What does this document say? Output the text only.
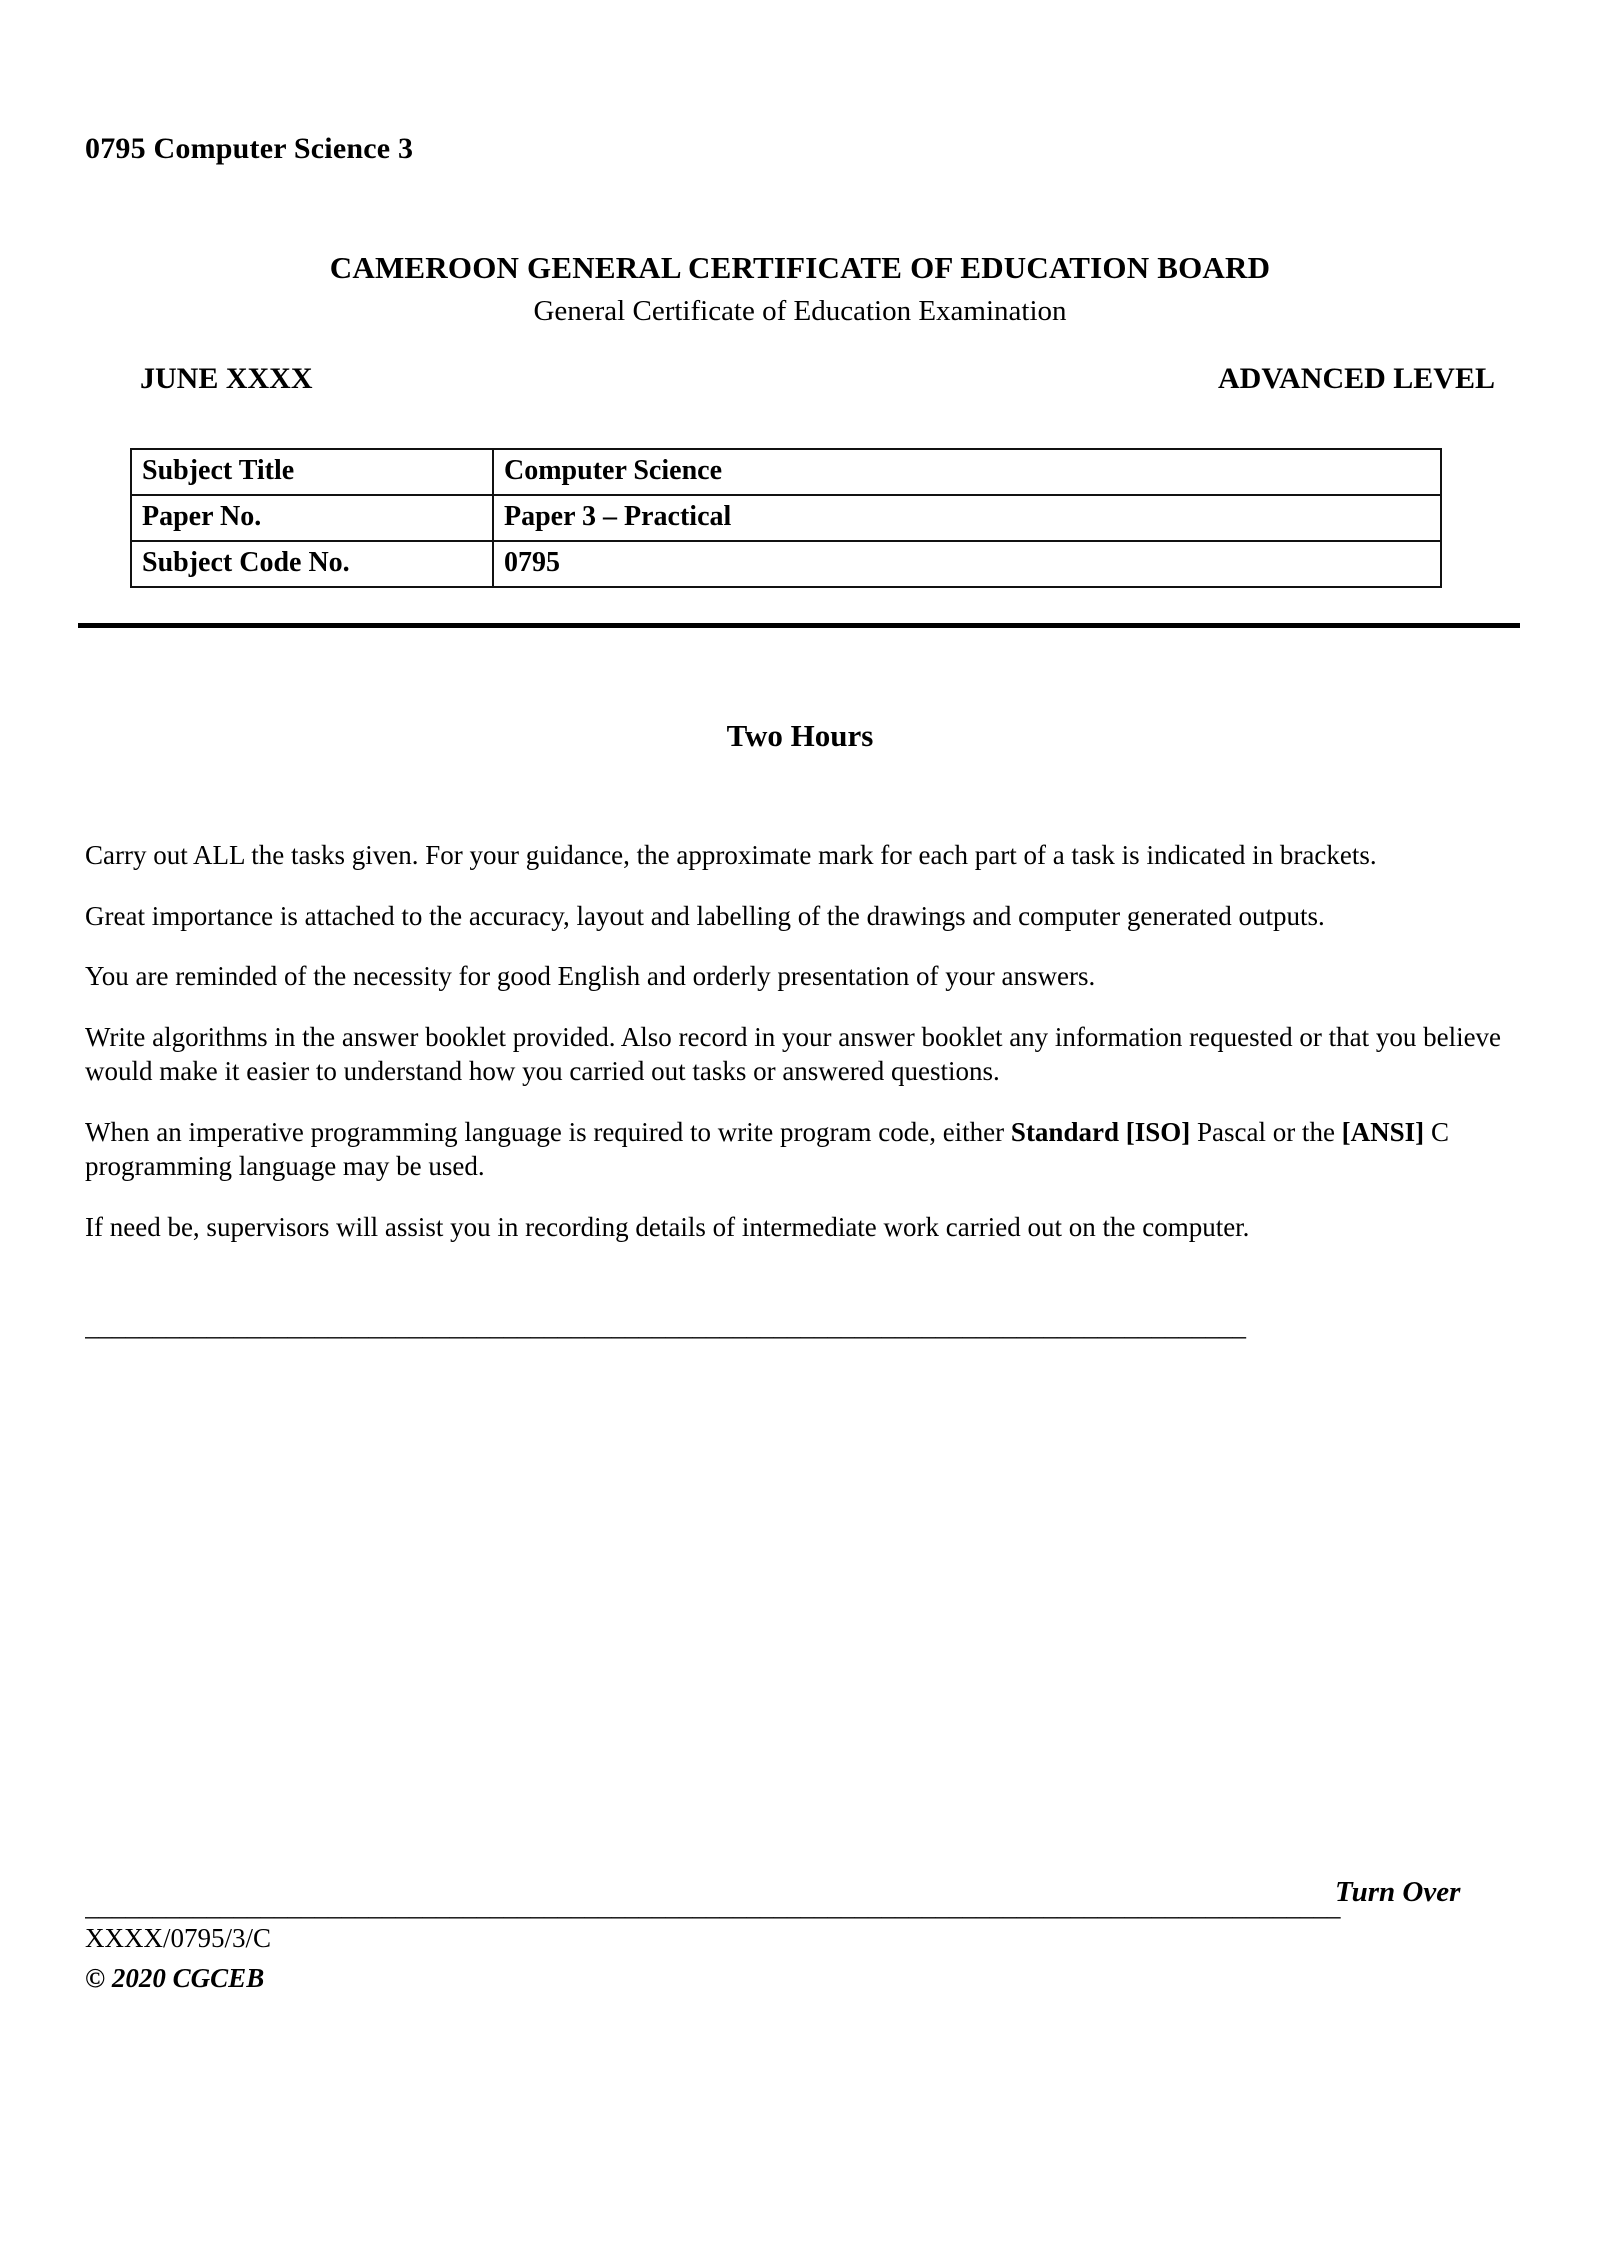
0795 Computer Science 3
CAMEROON GENERAL CERTIFICATE OF EDUCATION BOARD
General Certificate of Education Examination
JUNE XXXX	ADVANCED LEVEL
Subject Title	Computer Science
Paper No.	Paper 3 – Practical
Subject Code No.	0795
Two Hours

Carry out ALL the tasks given. For your guidance, the approximate mark for each part of a task is indicated in brackets.

Great importance is attached to the accuracy, layout and labelling of the drawings and computer generated outputs.

You are reminded of the necessity for good English and orderly presentation of your answers.

Write algorithms in the answer booklet provided. Also record in your answer booklet any information requested or that you believe would make it easier to understand how you carried out tasks or answered questions.

When an imperative programming language is required to write program code, either Standard [ISO] Pascal or the [ANSI] C programming language may be used.

If need be, supervisors will assist you in recording details of intermediate work carried out on the computer.

______________________________________________________________________________________
_____________________________________________________________________________________________
Turn Over
XXXX/0795/3/C
© 2020 CGCEB
